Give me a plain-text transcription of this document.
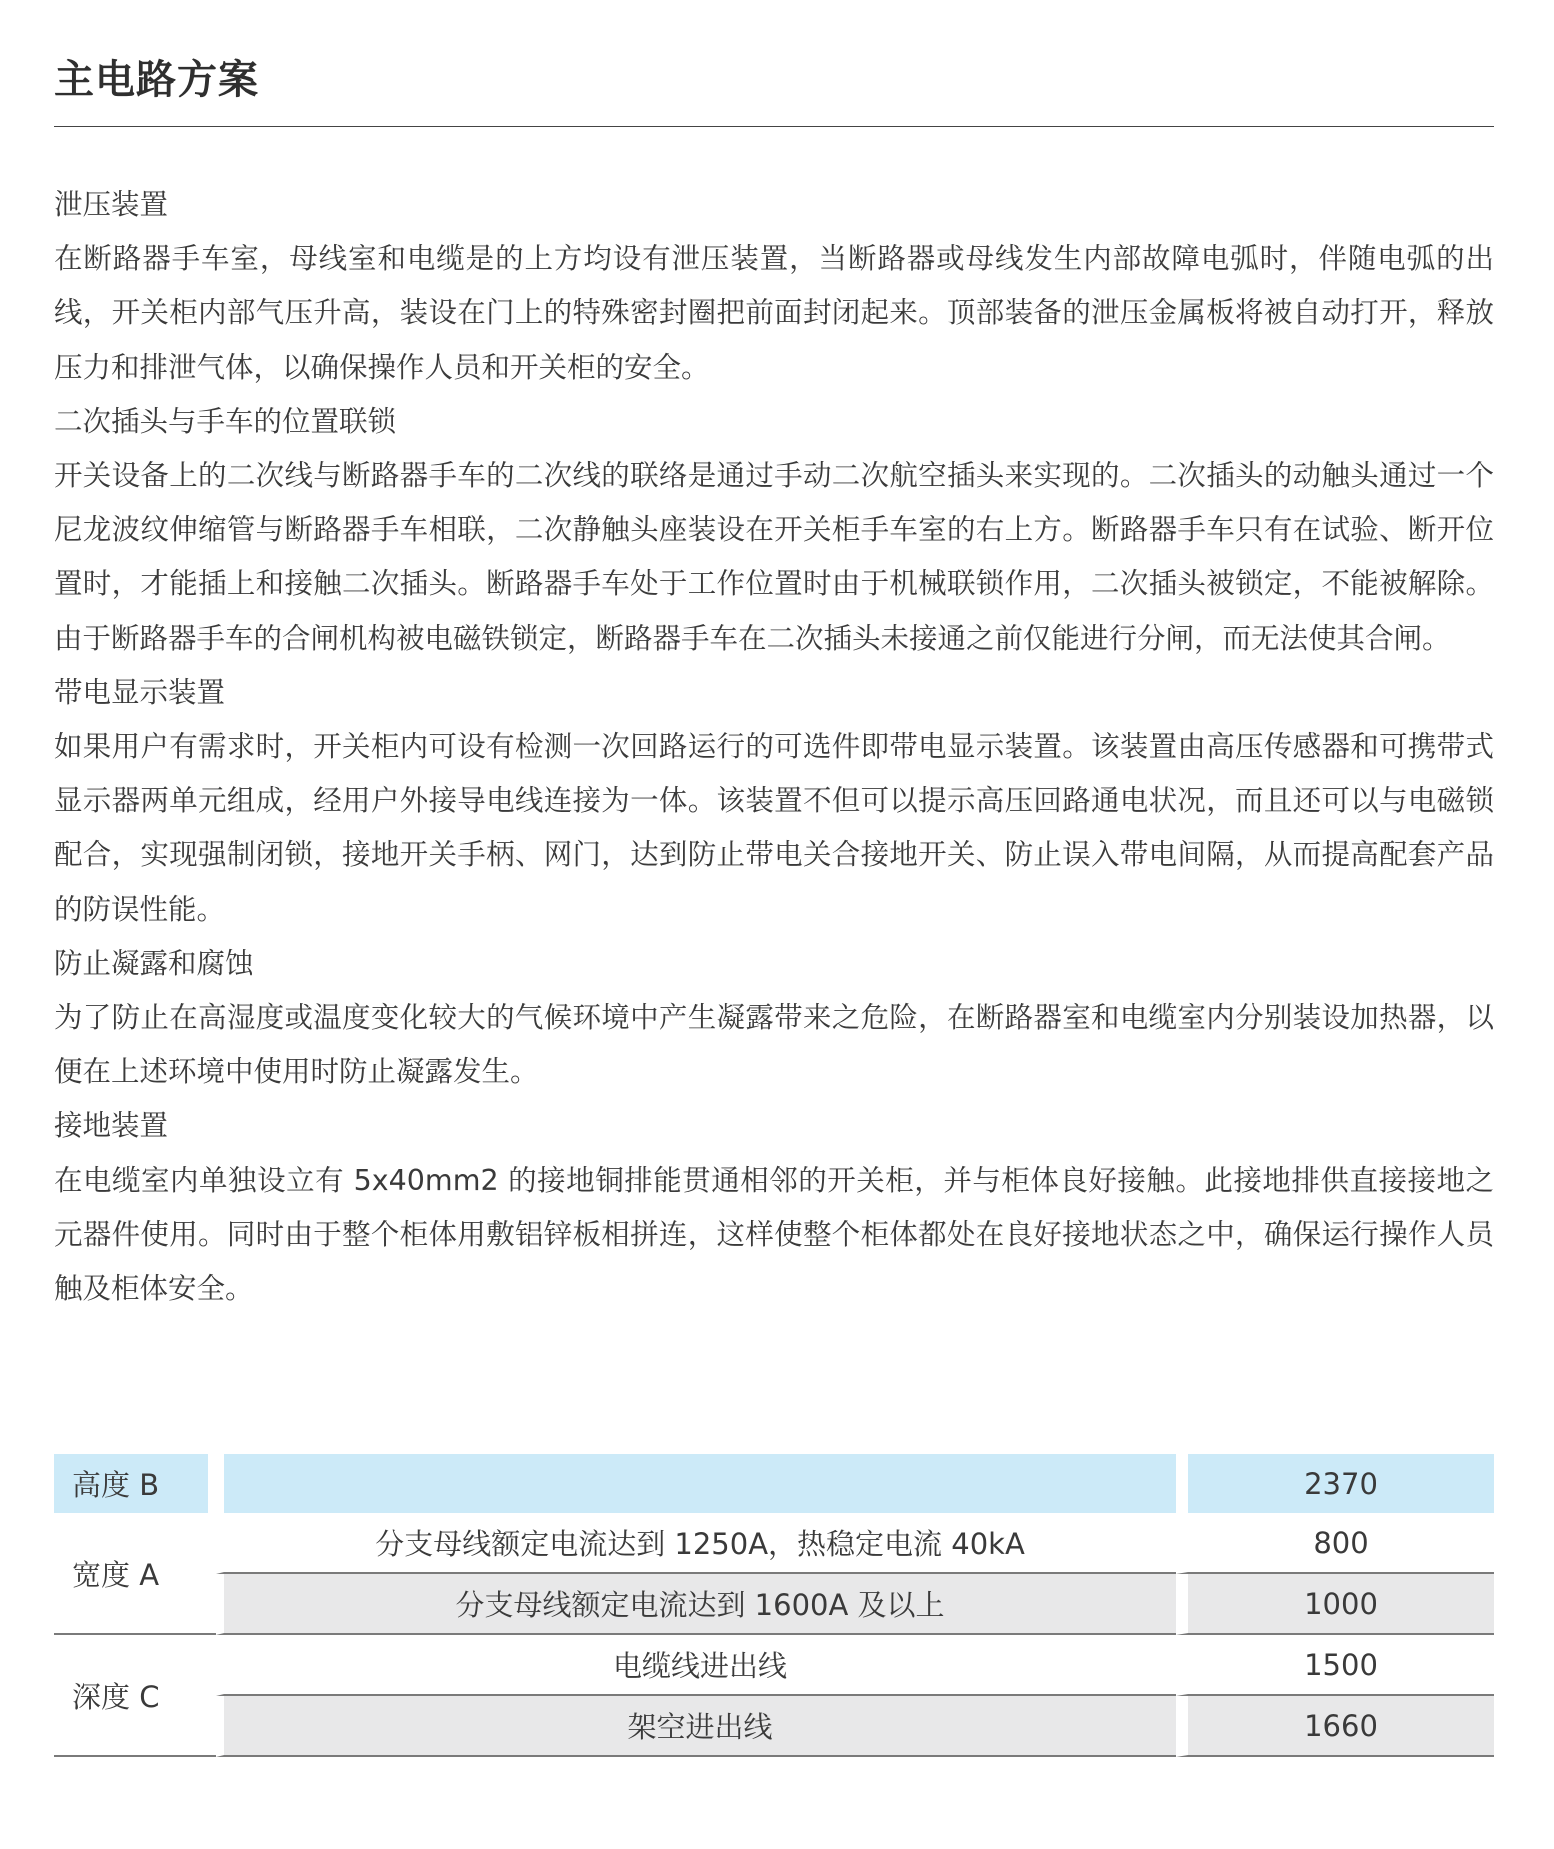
主电路方案
泄压装置

在断路器手车室，母线室和电缆是的上方均设有泄压装置，当断路器或母线发生内部故障电弧时，伴随电弧的出线，开关柜内部气压升高，装设在门上的特殊密封圈把前面封闭起来。顶部装备的泄压金属板将被自动打开，释放压力和排泄气体，以确保操作人员和开关柜的安全。

二次插头与手车的位置联锁

开关设备上的二次线与断路器手车的二次线的联络是通过手动二次航空插头来实现的。二次插头的动触头通过一个尼龙波纹伸缩管与断路器手车相联，二次静触头座装设在开关柜手车室的右上方。断路器手车只有在试验、断开位置时，才能插上和接触二次插头。断路器手车处于工作位置时由于机械联锁作用，二次插头被锁定，不能被解除。由于断路器手车的合闸机构被电磁铁锁定，断路器手车在二次插头未接通之前仅能进行分闸，而无法使其合闸。

带电显示装置

如果用户有需求时，开关柜内可设有检测一次回路运行的可选件即带电显示装置。该装置由高压传感器和可携带式显示器两单元组成，经用户外接导电线连接为一体。该装置不但可以提示高压回路通电状况，而且还可以与电磁锁配合，实现强制闭锁，接地开关手柄、网门，达到防止带电关合接地开关、防止误入带电间隔，从而提高配套产品的防误性能。

防止凝露和腐蚀

为了防止在高湿度或温度变化较大的气候环境中产生凝露带来之危险，在断路器室和电缆室内分别装设加热器，以便在上述环境中使用时防止凝露发生。

接地装置

在电缆室内单独设立有 5x40mm2 的接地铜排能贯通相邻的开关柜，并与柜体良好接触。此接地排供直接接地之元器件使用。同时由于整个柜体用敷铝锌板相拼连，这样使整个柜体都处在良好接地状态之中，确保运行操作人员触及柜体安全。

高度 B		2370
宽度 A	分支母线额定电流达到 1250A，热稳定电流 40kA	800
	分支母线额定电流达到 1600A 及以上	1000
深度 C	电缆线进出线	1500
	架空进出线	1660
